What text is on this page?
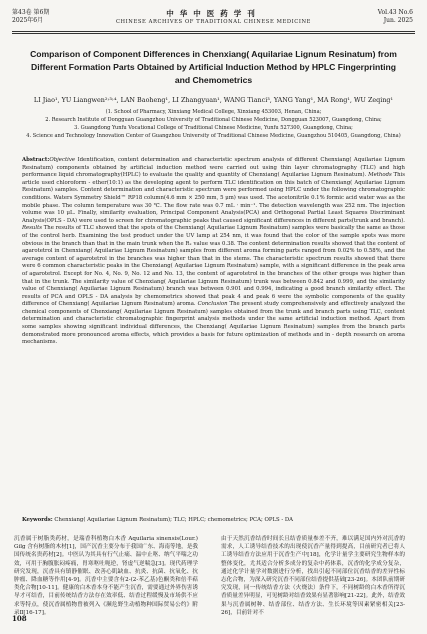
第43卷 第6期
2025年6月
中华中医药学刊
CHINESE ARCHIVES OF TRADITIONAL CHINESE MEDICINE
Vol.43 No.6
Jun. 2025
Comparison of Component Differences in Chenxiang( Aquilariae Lignum Resinatum) from Different Formation Parts Obtained by Artificial Induction Method by HPLC Fingerprinting and Chemometrics
LI Jiao¹, YU Liangwen²˒³˒⁴, LAN Baoheng¹, LI Zhangyuan¹, WANG Tianci³, YANG Yang¹, MA Rong¹, WU Zeqing¹
(1. School of Pharmacy, Xinxiang Medical College, Xinxiang 453003, Henan, China;
2. Research Institute of Dongguan Guangzhou University of Traditional Chinese Medicine, Dongguan 523007, Guangdong, China;
3. Guangdong Yunfu Vocational College of Traditional Chinese Medicine, Yunfu 527300, Guangdong, China;
4. Science and Technology Innovation Center of Guangzhou University of Traditional Chinese Medicine, Guangzhou 510405, Guangdong, China)
Abstract:Objective Identification, content determination and characteristic spectrum analysis of different Chenxiang( Aquilariae Lignum Resinatum) components obtained by artificial induction method were carried out using thin layer chromatography (TLC) and high performance liquid chromatography(HPLC) to evaluate the quality and quantity of Chenxiang( Aquilariae Lignum Resinatum). Methods This article used chloroform - ether(10:1) as the developing agent to perform TLC identification on this batch of Chenxiang( Aquilariae Lignum Resinatum) samples. Content determination and characteristic spectrum were performed using HPLC under the following chromatographic conditions. Waters Symmetry Shield™ RP18 column(4.6 mm × 250 mm, 5 μm) was used. The acetonitrile 0.1% formic acid water was as the mobile phase. The column temperature was 30 ℃. The flow rate was 0.7 mL · min⁻¹. The detection wavelength was 252 nm. The injection volume was 10 μL. Finally, similarity evaluation, Principal Component Analysis(PCA) and Orthogonal Partial Least Squares Discriminant Analysis(OPLS - DA) were used to screen for chromatographic peaks that caused significant differences in different parts(trunk and branch). Results The results of TLC showed that the spots of the Chenxiang( Aquilariae Lignum Resinatum) samples were basically the same as those of the control herb. Examining the test product under the UV lamp at 254 nm, it was found that the color of the sample spots was more obvious in the branch than that in the main trunk when the Rₓ value was 0.38. The content determination results showed that the content of agarotetrol in Chenxiang( Aquilariae Lignum Resinatum) samples from different aroma forming parts ranged from 0.02% to 0.58%, and the average content of agarotetrol in the branches was higher than that in the stems. The characteristic spectrum results showed that there were 6 common characteristic peaks in the Chenxiang( Aquilariae Lignum Resinatum) sample, with a significant difference in the peak area of agarotetrol. Except for No. 4, No. 9, No. 12 and No. 13, the content of agarotetrol in the branches of the other groups was higher than that in the trunk. The similarity value of Chenxiang( Aquilariae Lignum Resinatum) trunk was between 0.842 and 0.999, and the similarity value of Chenxiang( Aquilariae Lignum Resinatum) branch was between 0.901 and 0.994, indicating a good branch similarity effect. The results of PCA and OPLS - DA analysis by chemometrics showed that peak 4 and peak 6 were the symbolic components of the quality difference of Chenxiang( Aquilariae Lignum Resinatum) aroma. Conclusion The present study comprehensively and effectively analyzed the chemical components of Chenxiang( Aquilariae Lignum Resinatum) samples obtained from the trunk and branch parts using TLC, content determination and characteristic chromatographic fingerprint analysis methods under the same artificial induction method. Apart from some samples showing significant individual differences, the Chenxiang( Aquilariae Lignum Resinatum) samples from the branch parts demonstrated more pronounced aroma effects, which provides a basis for future optimization of methods and in - depth research on aroma mechanisms.
Keywords: Chenxiang( Aquilariae Lignum Resinatum); TLC; HPLC; chemometrics; PCA; OPLS - DA
沉香属于树脂类药材，是瑞香科植物白木香 Aquilaria sinensis(Lour.) Gilg 含有树脂的木材[1]，国产沉香主要分布于我国广东、海南等地，是我国传统名贵药材[2]。中医认为其具有行气止痛、温中止呕、纳气平喘之功效，可用于胸腹胀闷疼痛，胃寒呕吐呃逆，肾虚气逆喘急[3]。现代药理学研究发现，沉香具有镇静催眠、改善心肌缺血、抗炎、抗菌、抗氧化、抗肿瘤、降血糖等作用[4-9]。沉香中主要含有2-(2-苯乙基)色酮类和倍半萜类化合物[10-11]。健康的白木香本身不能产生沉香，需要通过外界伤害诱导才可结香，目前传统结香方法存在效率低、结香过程缓慢及市场供不应求等特点，使沉香属植物曾被列入《濒危野生动植物种国际贸易公约》附录Ⅱ[16-17]。
由于天然沉香结香时间长且结香质量参差不齐，难以满足国内外对沉香的需求，人工诱导结香技术的出现使沉香产量得到提高，目前研究者已将人工诱导结香方法应用于沉香生产中[18]，化学计量学主要研究生物样本的整体变化，尤其适合分析多成分的复杂中药体系，沉香的化学成分复杂，通过化学计量学对数据进行分析，找出引起不同部位沉香结香的差异性标志化合物，为深入研究沉香不同部位结香提供基础[23-26]。本团队前期研究发现，同一传统结香方法（火烧法）条件下，不同树龄的白木香所得沉香质量差异明显，可见树龄对结香效果有显著影响[21-22]。此外，结香效果与沉香属树种、结香部位、结香方法、生长环境等因素紧密相关[23-26]，目前针对不
108
